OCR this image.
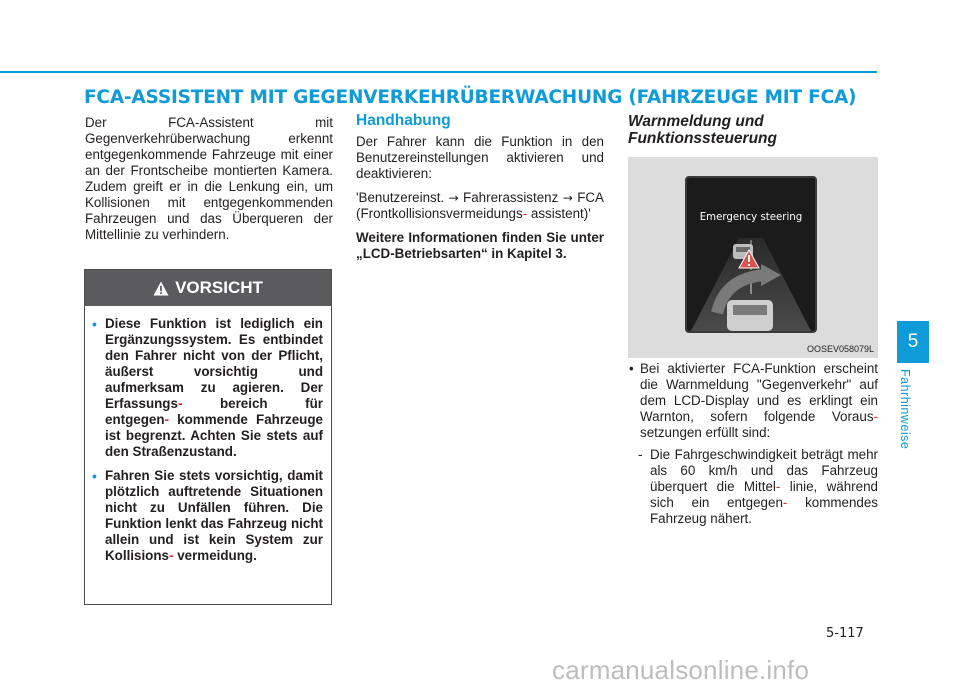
FCA-ASSISTENT MIT GEGENVERKEHRÜBERWACHUNG (FAHRZEUGE MIT FCA)

Der FCA-Assistent mit Gegenverkehrüberwachung erkennt entgegenkommende Fahrzeuge mit einer an der Frontscheibe montierten Kamera. Zudem greift er in die Lenkung ein, um Kollisionen mit entgegenkommenden Fahrzeugen und das Überqueren der Mittellinie zu verhindern.

VORSICHT
• Diese Funktion ist lediglich ein Ergänzungssystem. Es entbindet den Fahrer nicht von der Pflicht, äußerst vorsichtig und aufmerksam zu agieren. Der Erfassungs-	bereich für entgegen- kommende Fahrzeuge ist begrenzt. Achten Sie stets auf den Straßenzustand.
• Fahren Sie stets vorsichtig, damit plötzlich auftretende Situationen nicht zu Unfällen führen. Die Funktion lenkt das Fahrzeug nicht allein und ist kein System zur Kollisions- vermeidung.

Handhabung

Der Fahrer kann die Funktion in den Benutzereinstellungen aktivieren und deaktivieren:

'Benutzereinst. → Fahrerassistenz → FCA (Frontkollisionsvermeidungs- assistent)'

Weitere Informationen finden Sie unter „LCD-Betriebsarten“ in Kapitel 3.

Warnmeldung und

Funktionssteuerung

Emergency steering
OOSEV058079L

• Bei aktivierter FCA-Funktion erscheint die Warnmeldung "Gegenverkehr" auf dem LCD-Display und es erklingt ein Warnton, sofern folgende Voraus- setzungen erfüllt sind:

- Die Fahrgeschwindigkeit beträgt mehr als 60 km/h und das Fahrzeug überquert die Mittel- linie, während sich ein entgegen- kommendes Fahrzeug nähert.

5
Fahrhinweise
5-117
carmanualsonline.info
